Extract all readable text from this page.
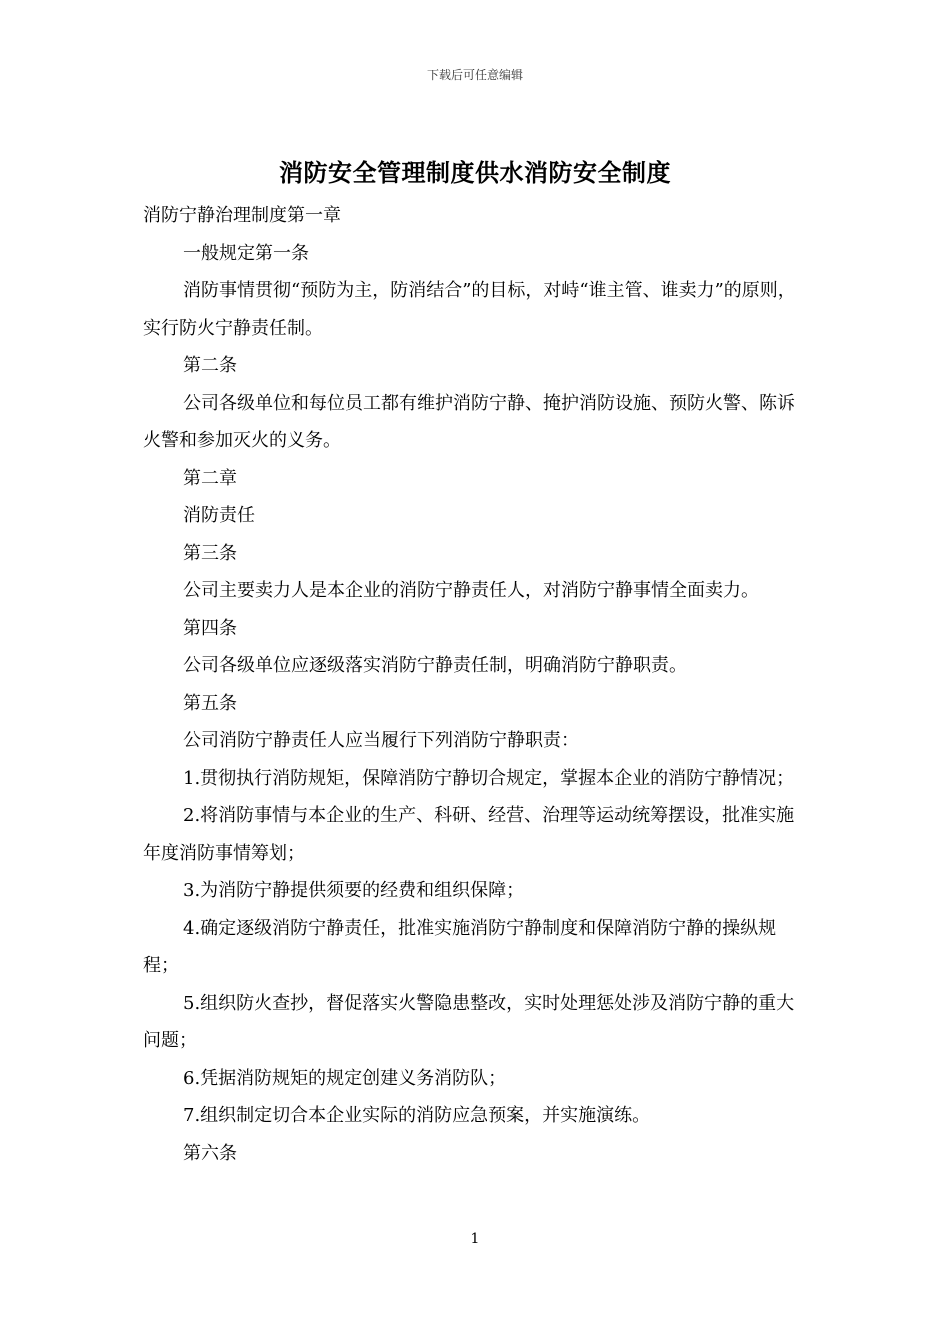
下载后可任意编辑
消防安全管理制度供水消防安全制度

消防宁静治理制度第一章

一般规定第一条

消防事情贯彻“预防为主，防消结合”的目标，对峙“谁主管、谁卖力”的原则，实行防火宁静责任制。

第二条

公司各级单位和每位员工都有维护消防宁静、掩护消防设施、预防火警、陈诉火警和参加灭火的义务。

第二章

消防责任

第三条

公司主要卖力人是本企业的消防宁静责任人，对消防宁静事情全面卖力。

第四条

公司各级单位应逐级落实消防宁静责任制，明确消防宁静职责。

第五条

公司消防宁静责任人应当履行下列消防宁静职责：

1.贯彻执行消防规矩，保障消防宁静切合规定，掌握本企业的消防宁静情况；

2.将消防事情与本企业的生产、科研、经营、治理等运动统筹摆设，批准实施年度消防事情筹划；

3.为消防宁静提供须要的经费和组织保障；

4.确定逐级消防宁静责任，批准实施消防宁静制度和保障消防宁静的操纵规程；

5.组织防火查抄，督促落实火警隐患整改，实时处理惩处涉及消防宁静的重大问题；

6.凭据消防规矩的规定创建义务消防队；

7.组织制定切合本企业实际的消防应急预案，并实施演练。

第六条

1
